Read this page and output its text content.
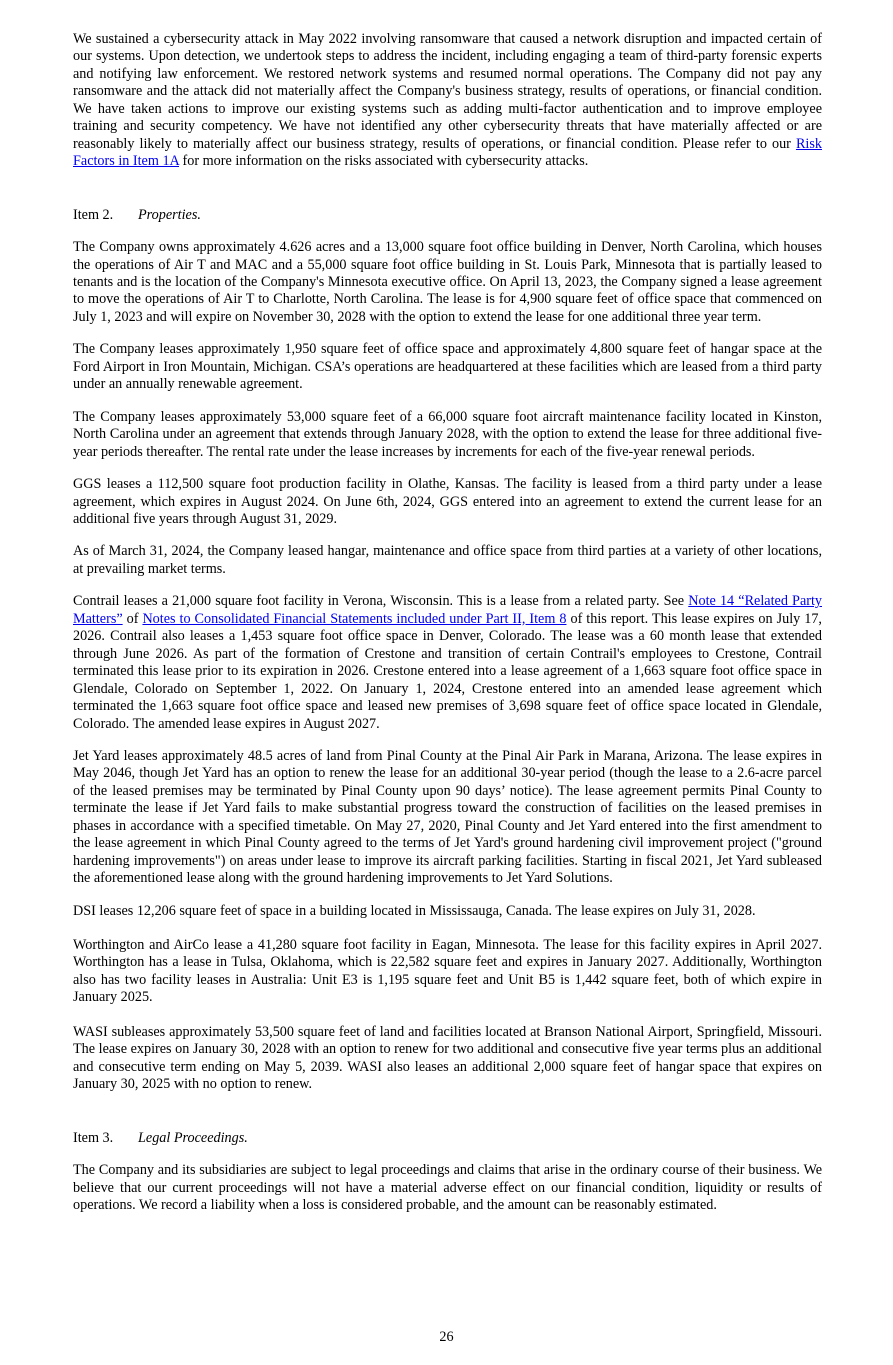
We sustained a cybersecurity attack in May 2022 involving ransomware that caused a network disruption and impacted certain of our systems. Upon detection, we undertook steps to address the incident, including engaging a team of third-party forensic experts and notifying law enforcement. We restored network systems and resumed normal operations. The Company did not pay any ransomware and the attack did not materially affect the Company's business strategy, results of operations, or financial condition. We have taken actions to improve our existing systems such as adding multi-factor authentication and to improve employee training and security competency. We have not identified any other cybersecurity threats that have materially affected or are reasonably likely to materially affect our business strategy, results of operations, or financial condition. Please refer to our Risk Factors in Item 1A for more information on the risks associated with cybersecurity attacks.

Item 2. Properties.

The Company owns approximately 4.626 acres and a 13,000 square foot office building in Denver, North Carolina, which houses the operations of Air T and MAC and a 55,000 square foot office building in St. Louis Park, Minnesota that is partially leased to tenants and is the location of the Company's Minnesota executive office. On April 13, 2023, the Company signed a lease agreement to move the operations of Air T to Charlotte, North Carolina. The lease is for 4,900 square feet of office space that commenced on July 1, 2023 and will expire on November 30, 2028 with the option to extend the lease for one additional three year term.

The Company leases approximately 1,950 square feet of office space and approximately 4,800 square feet of hangar space at the Ford Airport in Iron Mountain, Michigan. CSA’s operations are headquartered at these facilities which are leased from a third party under an annually renewable agreement.

The Company leases approximately 53,000 square feet of a 66,000 square foot aircraft maintenance facility located in Kinston, North Carolina under an agreement that extends through January 2028, with the option to extend the lease for three additional five-year periods thereafter. The rental rate under the lease increases by increments for each of the five-year renewal periods.

GGS leases a 112,500 square foot production facility in Olathe, Kansas. The facility is leased from a third party under a lease agreement, which expires in August 2024. On June 6th, 2024, GGS entered into an agreement to extend the current lease for an additional five years through August 31, 2029.

As of March 31, 2024, the Company leased hangar, maintenance and office space from third parties at a variety of other locations, at prevailing market terms.

Contrail leases a 21,000 square foot facility in Verona, Wisconsin. This is a lease from a related party. See Note 14 “Related Party Matters” of Notes to Consolidated Financial Statements included under Part II, Item 8 of this report. This lease expires on July 17, 2026. Contrail also leases a 1,453 square foot office space in Denver, Colorado. The lease was a 60 month lease that extended through June 2026. As part of the formation of Crestone and transition of certain Contrail's employees to Crestone, Contrail terminated this lease prior to its expiration in 2026. Crestone entered into a lease agreement of a 1,663 square foot office space in Glendale, Colorado on September 1, 2022. On January 1, 2024, Crestone entered into an amended lease agreement which terminated the 1,663 square foot office space and leased new premises of 3,698 square feet of office space located in Glendale, Colorado. The amended lease expires in August 2027.

Jet Yard leases approximately 48.5 acres of land from Pinal County at the Pinal Air Park in Marana, Arizona. The lease expires in May 2046, though Jet Yard has an option to renew the lease for an additional 30-year period (though the lease to a 2.6-acre parcel of the leased premises may be terminated by Pinal County upon 90 days’ notice). The lease agreement permits Pinal County to terminate the lease if Jet Yard fails to make substantial progress toward the construction of facilities on the leased premises in phases in accordance with a specified timetable. On May 27, 2020, Pinal County and Jet Yard entered into the first amendment to the lease agreement in which Pinal County agreed to the terms of Jet Yard's ground hardening civil improvement project ("ground hardening improvements") on areas under lease to improve its aircraft parking facilities. Starting in fiscal 2021, Jet Yard subleased the aforementioned lease along with the ground hardening improvements to Jet Yard Solutions.

DSI leases 12,206 square feet of space in a building located in Mississauga, Canada. The lease expires on July 31, 2028.

Worthington and AirCo lease a 41,280 square foot facility in Eagan, Minnesota. The lease for this facility expires in April 2027. Worthington has a lease in Tulsa, Oklahoma, which is 22,582 square feet and expires in January 2027. Additionally, Worthington also has two facility leases in Australia: Unit E3 is 1,195 square feet and Unit B5 is 1,442 square feet, both of which expire in January 2025.

WASI subleases approximately 53,500 square feet of land and facilities located at Branson National Airport, Springfield, Missouri. The lease expires on January 30, 2028 with an option to renew for two additional and consecutive five year terms plus an additional and consecutive term ending on May 5, 2039. WASI also leases an additional 2,000 square feet of hangar space that expires on January 30, 2025 with no option to renew.

Item 3. Legal Proceedings.

The Company and its subsidiaries are subject to legal proceedings and claims that arise in the ordinary course of their business. We believe that our current proceedings will not have a material adverse effect on our financial condition, liquidity or results of operations. We record a liability when a loss is considered probable, and the amount can be reasonably estimated.

26
